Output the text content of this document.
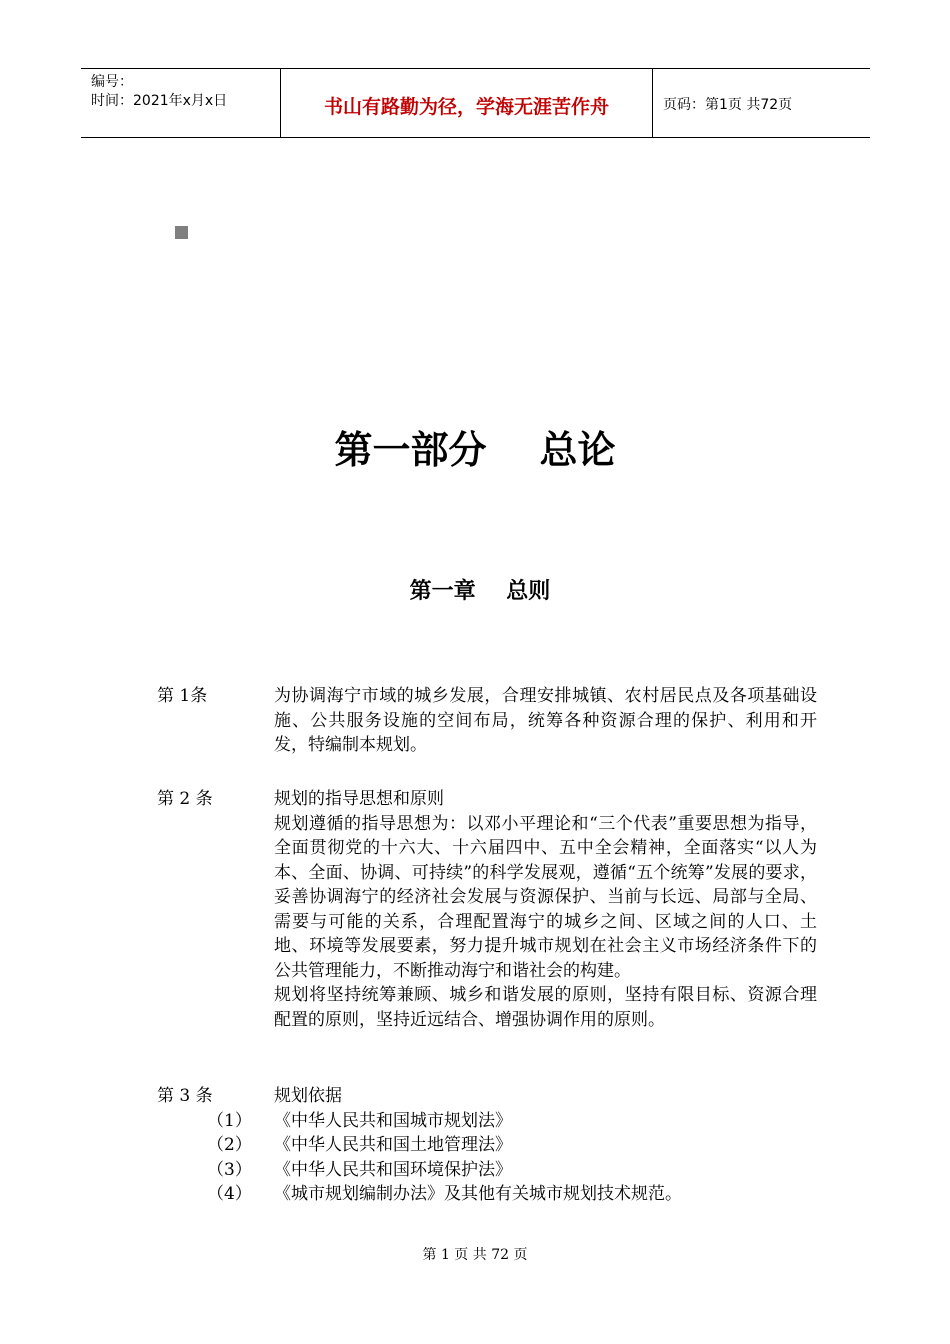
编号：
时间：2021年x月x日	书山有路勤为径，学海无涯苦作舟	页码：第1页 共72页
第一部分    总论
第一章    总则
第 1条	为协调海宁市域的城乡发展，合理安排城镇、农村居民点及各项基础设施、公共服务设施的空间布局，统筹各种资源合理的保护、利用和开发，特编制本规划。

第 2 条	规划的指导思想和原则

规划遵循的指导思想为：以邓小平理论和“三个代表”重要思想为指导，全面贯彻党的十六大、十六届四中、五中全会精神，全面落实“以人为本、全面、协调、可持续”的科学发展观，遵循“五个统筹”发展的要求，妥善协调海宁的经济社会发展与资源保护、当前与长远、局部与全局、需要与可能的关系，合理配置海宁的城乡之间、区域之间的人口、土地、环境等发展要素，努力提升城市规划在社会主义市场经济条件下的公共管理能力，不断推动海宁和谐社会的构建。

规划将坚持统筹兼顾、城乡和谐发展的原则，坚持有限目标、资源合理配置的原则，坚持近远结合、增强协调作用的原则。

第 3 条	规划依据

（1） 《中华人民共和国城市规划法》
（2） 《中华人民共和国土地管理法》
（3） 《中华人民共和国环境保护法》
（4） 《城市规划编制办法》及其他有关城市规划技术规范。
第 1 页 共 72 页
